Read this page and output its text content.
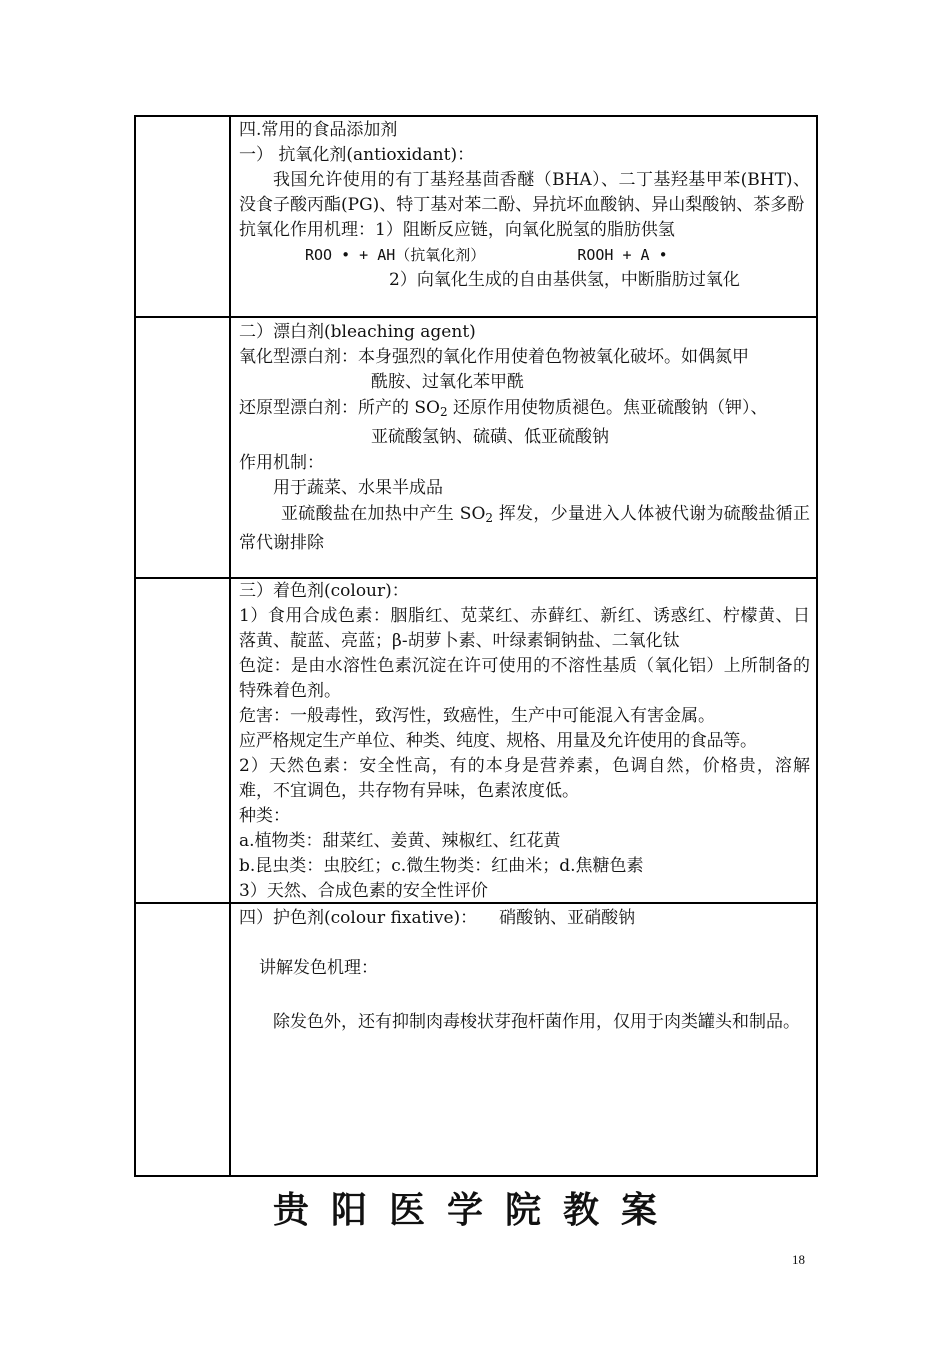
四.常用的食品添加剂

一） 抗氧化剂(antioxidant)：

我国允许使用的有丁基羟基茴香醚（BHA）、二丁基羟基甲苯(BHT)、没食子酸丙酯(PG)、特丁基对苯二酚、异抗坏血酸钠、异山梨酸钠、茶多酚

抗氧化作用机理：1）阻断反应链，向氧化脱氢的脂肪供氢

ROO • + AH（抗氧化剂）	ROOH + A •

2）向氧化生成的自由基供氢，中断脂肪过氧化

二）漂白剂(bleaching agent)

氧化型漂白剂：本身强烈的氧化作用使着色物被氧化破坏。如偶氮甲

酰胺、过氧化苯甲酰

还原型漂白剂：所产的 $SO_2$ 还原作用使物质褪色。焦亚硫酸钠（钾）、

亚硫酸氢钠、硫磺、低亚硫酸钠

作用机制：

用于蔬菜、水果半成品

亚硫酸盐在加热中产生 $SO_2$ 挥发，少量进入人体被代谢为硫酸盐循正常代谢排除

三）着色剂(colour)：

1）食用合成色素：胭脂红、苋菜红、赤藓红、新红、诱惑红、柠檬黄、日落黄、靛蓝、亮蓝；β-胡萝卜素、叶绿素铜钠盐、二氧化钛

色淀：是由水溶性色素沉淀在许可使用的不溶性基质（氧化铝）上所制备的特殊着色剂。

危害：一般毒性，致泻性，致癌性，生产中可能混入有害金属。

应严格规定生产单位、种类、纯度、规格、用量及允许使用的食品等。

2）天然色素：安全性高，有的本身是营养素，色调自然，价格贵，溶解难，不宜调色，共存物有异味，色素浓度低。

种类：

a.植物类：甜菜红、姜黄、辣椒红、红花黄

b.昆虫类：虫胶红；c.微生物类：红曲米；d.焦糖色素

3）天然、合成色素的安全性评价

四）护色剂(colour fixative)： 硝酸钠、亚硝酸钠

讲解发色机理：

除发色外，还有抑制肉毒梭状芽孢杆菌作用，仅用于肉类罐头和制品。

贵阳医学院教案
18
